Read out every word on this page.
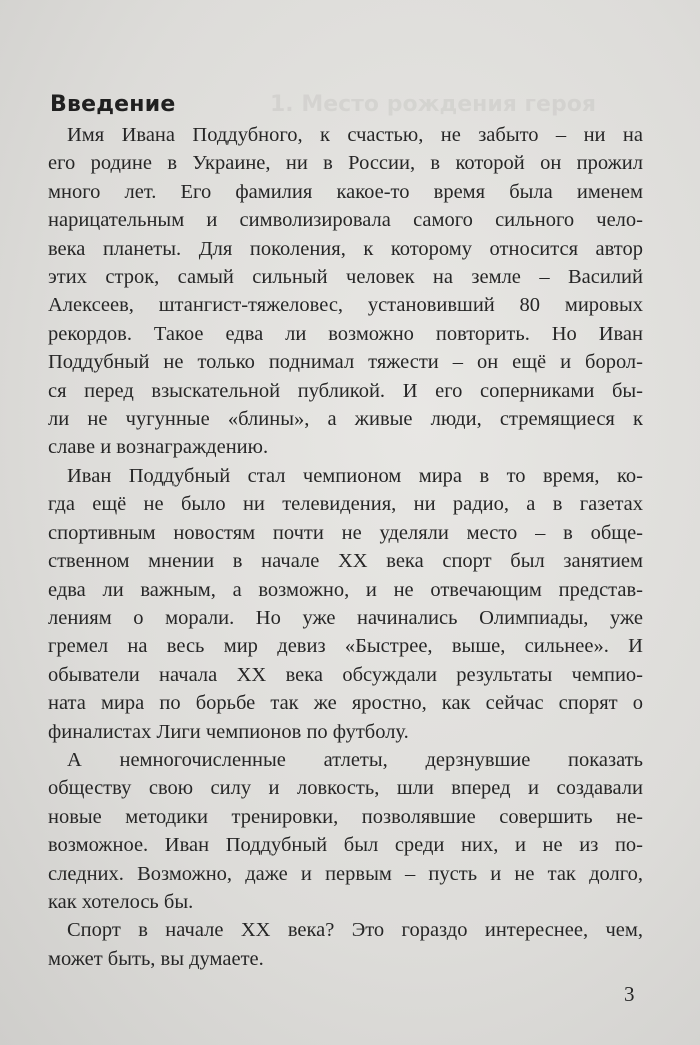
1. Место рождения героя
Введение

Имя Ивана Поддубного, к счастью, не забыто – ни на
его родине в Украине, ни в России, в которой он прожил
много лет. Его фамилия какое-то время была именем
нарицательным и символизировала самого сильного чело-
века планеты. Для поколения, к которому относится автор
этих строк, самый сильный человек на земле – Василий
Алексеев, штангист-тяжеловес, установивший 80 мировых
рекордов. Такое едва ли возможно повторить. Но Иван
Поддубный не только поднимал тяжести – он ещё и борол-
ся перед взыскательной публикой. И его соперниками бы-
ли не чугунные «блины», а живые люди, стремящиеся к
славе и вознаграждению.

Иван Поддубный стал чемпионом мира в то время, ко-
гда ещё не было ни телевидения, ни радио, а в газетах
спортивным новостям почти не уделяли место – в обще-
ственном мнении в начале ХХ века спорт был занятием
едва ли важным, а возможно, и не отвечающим представ-
лениям о морали. Но уже начинались Олимпиады, уже
гремел на весь мир девиз «Быстрее, выше, сильнее». И
обыватели начала ХХ века обсуждали результаты чемпио-
ната мира по борьбе так же яростно, как сейчас спорят о
финалистах Лиги чемпионов по футболу.

А немногочисленные атлеты, дерзнувшие показать
обществу свою силу и ловкость, шли вперед и создавали
новые методики тренировки, позволявшие совершить не-
возможное. Иван Поддубный был среди них, и не из по-
следних. Возможно, даже и первым – пусть и не так долго,
как хотелось бы.

Спорт в начале ХХ века? Это гораздо интереснее, чем,
может быть, вы думаете.

3
